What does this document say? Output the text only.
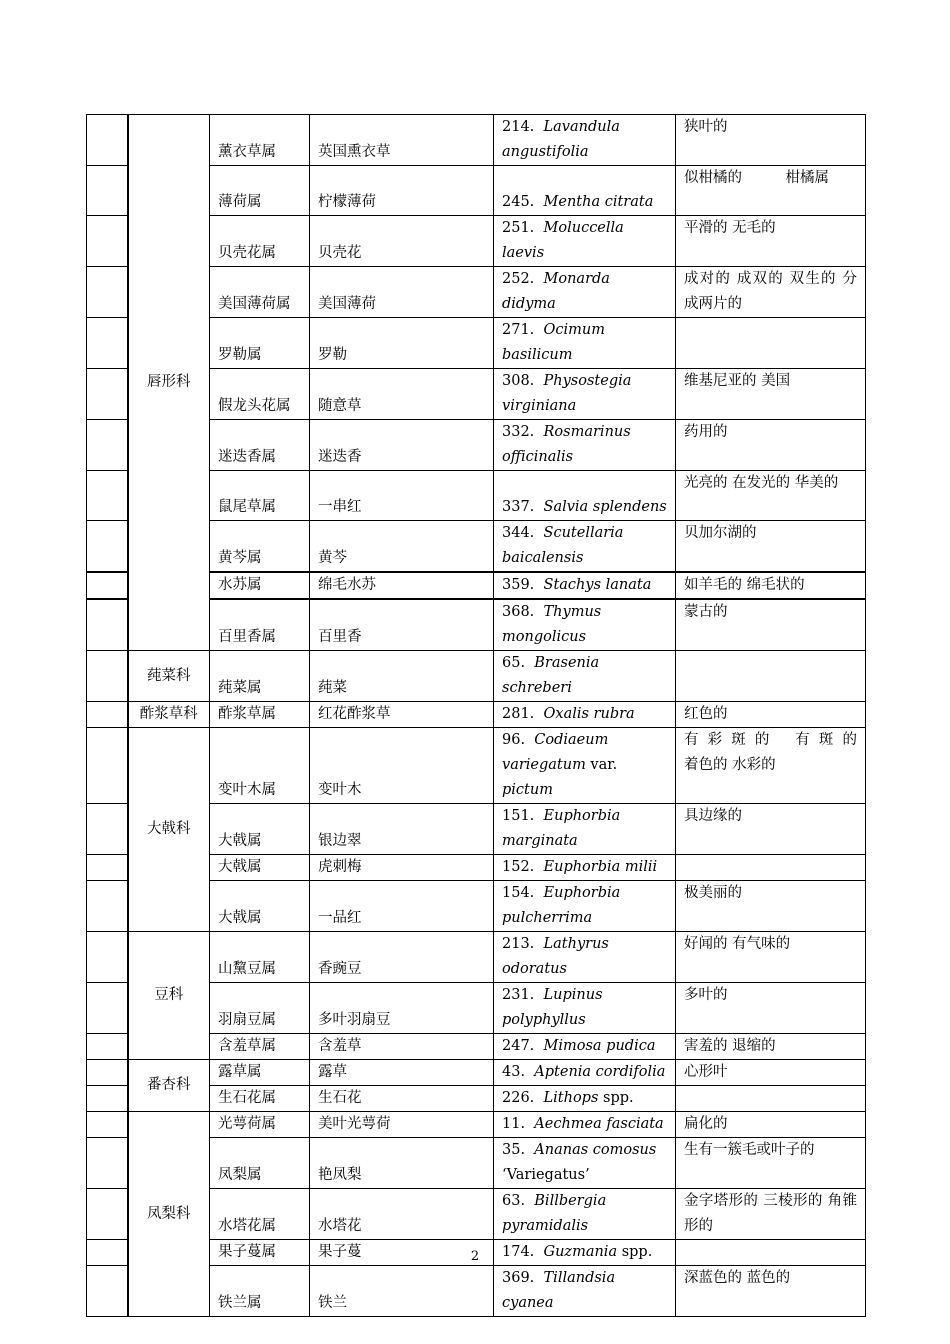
	唇形科	薰衣草属	英国熏衣草	214. Lavandula angustifolia	狭叶的
		薄荷属	柠檬薄荷	245. Mentha citrata	似柑橘的　　　柑橘属
		贝壳花属	贝壳花	251. Moluccella laevis	平滑的 无毛的
		美国薄荷属	美国薄荷	252. Monarda didyma	成对的 成双的 双生的 分成两片的
		罗勒属	罗勒	271. Ocimum basilicum	
		假龙头花属	随意草	308. Physostegia virginiana	维基尼亚的 美国
		迷迭香属	迷迭香	332. Rosmarinus officinalis	药用的
		鼠尾草属	一串红	337. Salvia splendens	光亮的 在发光的 华美的
		黄芩属	黄芩	344. Scutellaria baicalensis	贝加尔湖的
		水苏属	绵毛水苏	359. Stachys lanata	如羊毛的 绵毛状的
		百里香属	百里香	368. Thymus mongolicus	蒙古的
	莼菜科	莼菜属	莼菜	65. Brasenia schreberi	
	酢浆草科	酢浆草属	红花酢浆草	281. Oxalis rubra	红色的
	大戟科	变叶木属	变叶木	96. Codiaeum variegatum var. pictum	有 彩 斑 的　 有 斑 的　　　着色的 水彩的
		大戟属	银边翠	151. Euphorbia marginata	具边缘的
		大戟属	虎刺梅	152. Euphorbia milii	
		大戟属	一品红	154. Euphorbia pulcherrima	极美丽的
	豆科	山黧豆属	香豌豆	213. Lathyrus odoratus	好闻的 有气味的
		羽扇豆属	多叶羽扇豆	231. Lupinus polyphyllus	多叶的
		含羞草属	含羞草	247. Mimosa pudica	害羞的 退缩的
	番杏科	露草属	露草	43. Aptenia cordifolia	心形叶
		生石花属	生石花	226. Lithops spp.	
	凤梨科	光萼荷属	美叶光萼荷	11. Aechmea fasciata	扁化的
		凤梨属	艳凤梨	35. Ananas comosus ‘Variegatus’	生有一簇毛或叶子的
		水塔花属	水塔花	63. Billbergia pyramidalis	金字塔形的 三棱形的 角锥形的
		果子蔓属	果子蔓	174. Guzmania spp.	
		铁兰属	铁兰	369. Tillandsia cyanea	深蓝色的 蓝色的
2
